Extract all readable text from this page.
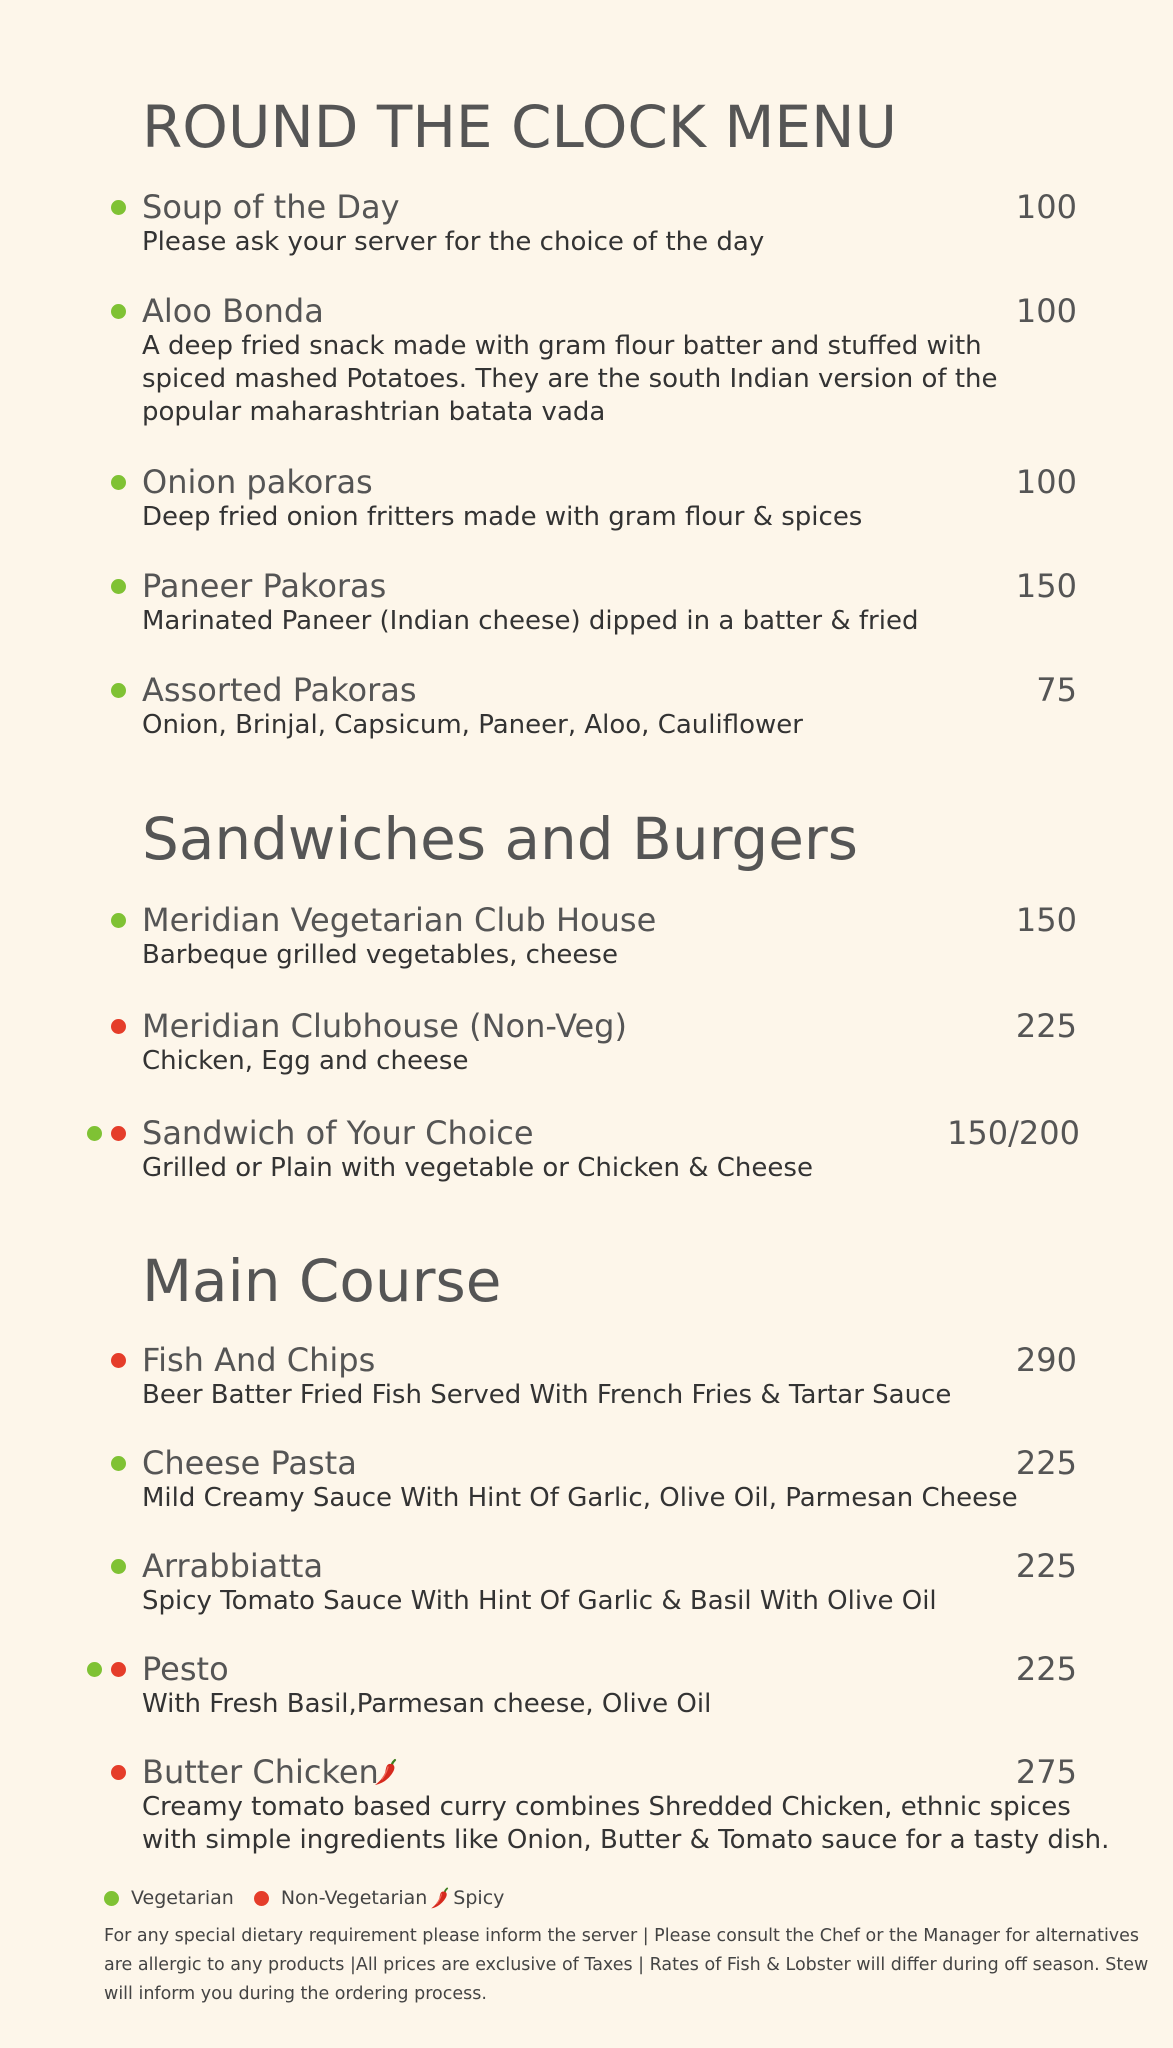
ROUND THE CLOCK MENU
Soup of the Day	100
Please ask your server for the choice of the day
Aloo Bonda	100
A deep fried snack made with gram flour batter and stuffed with
spiced mashed Potatoes. They are the south Indian version of the
popular maharashtrian batata vada
Onion pakoras	100
Deep fried onion fritters made with gram flour & spices
Paneer Pakoras	150
Marinated Paneer (Indian cheese) dipped in a batter & fried
Assorted Pakoras	75
Onion, Brinjal, Capsicum, Paneer, Aloo, Cauliflower
Sandwiches and Burgers
Meridian Vegetarian Club House	150
Barbeque grilled vegetables, cheese
Meridian Clubhouse (Non-Veg)	225
Chicken, Egg and cheese
Sandwich of Your Choice	150/200
Grilled or Plain with vegetable or Chicken & Cheese
Main Course
Fish And Chips	290
Beer Batter Fried Fish Served With French Fries & Tartar Sauce
Cheese Pasta	225
Mild Creamy Sauce With Hint Of Garlic, Olive Oil, Parmesan Cheese
Arrabbiatta	225
Spicy Tomato Sauce With Hint Of Garlic & Basil With Olive Oil
Pesto	225
With Fresh Basil,Parmesan cheese, Olive Oil
Butter Chicken	275
Creamy tomato based curry combines Shredded Chicken, ethnic spices
with simple ingredients like Onion, Butter & Tomato sauce for a tasty dish.
Vegetarian Non-Vegetarian Spicy
For any special dietary requirement please inform the server | Please consult the Chef or the Manager for alternatives
are allergic to any products |All prices are exclusive of Taxes | Rates of Fish & Lobster will differ during off season. Stew
will inform you during the ordering process.
